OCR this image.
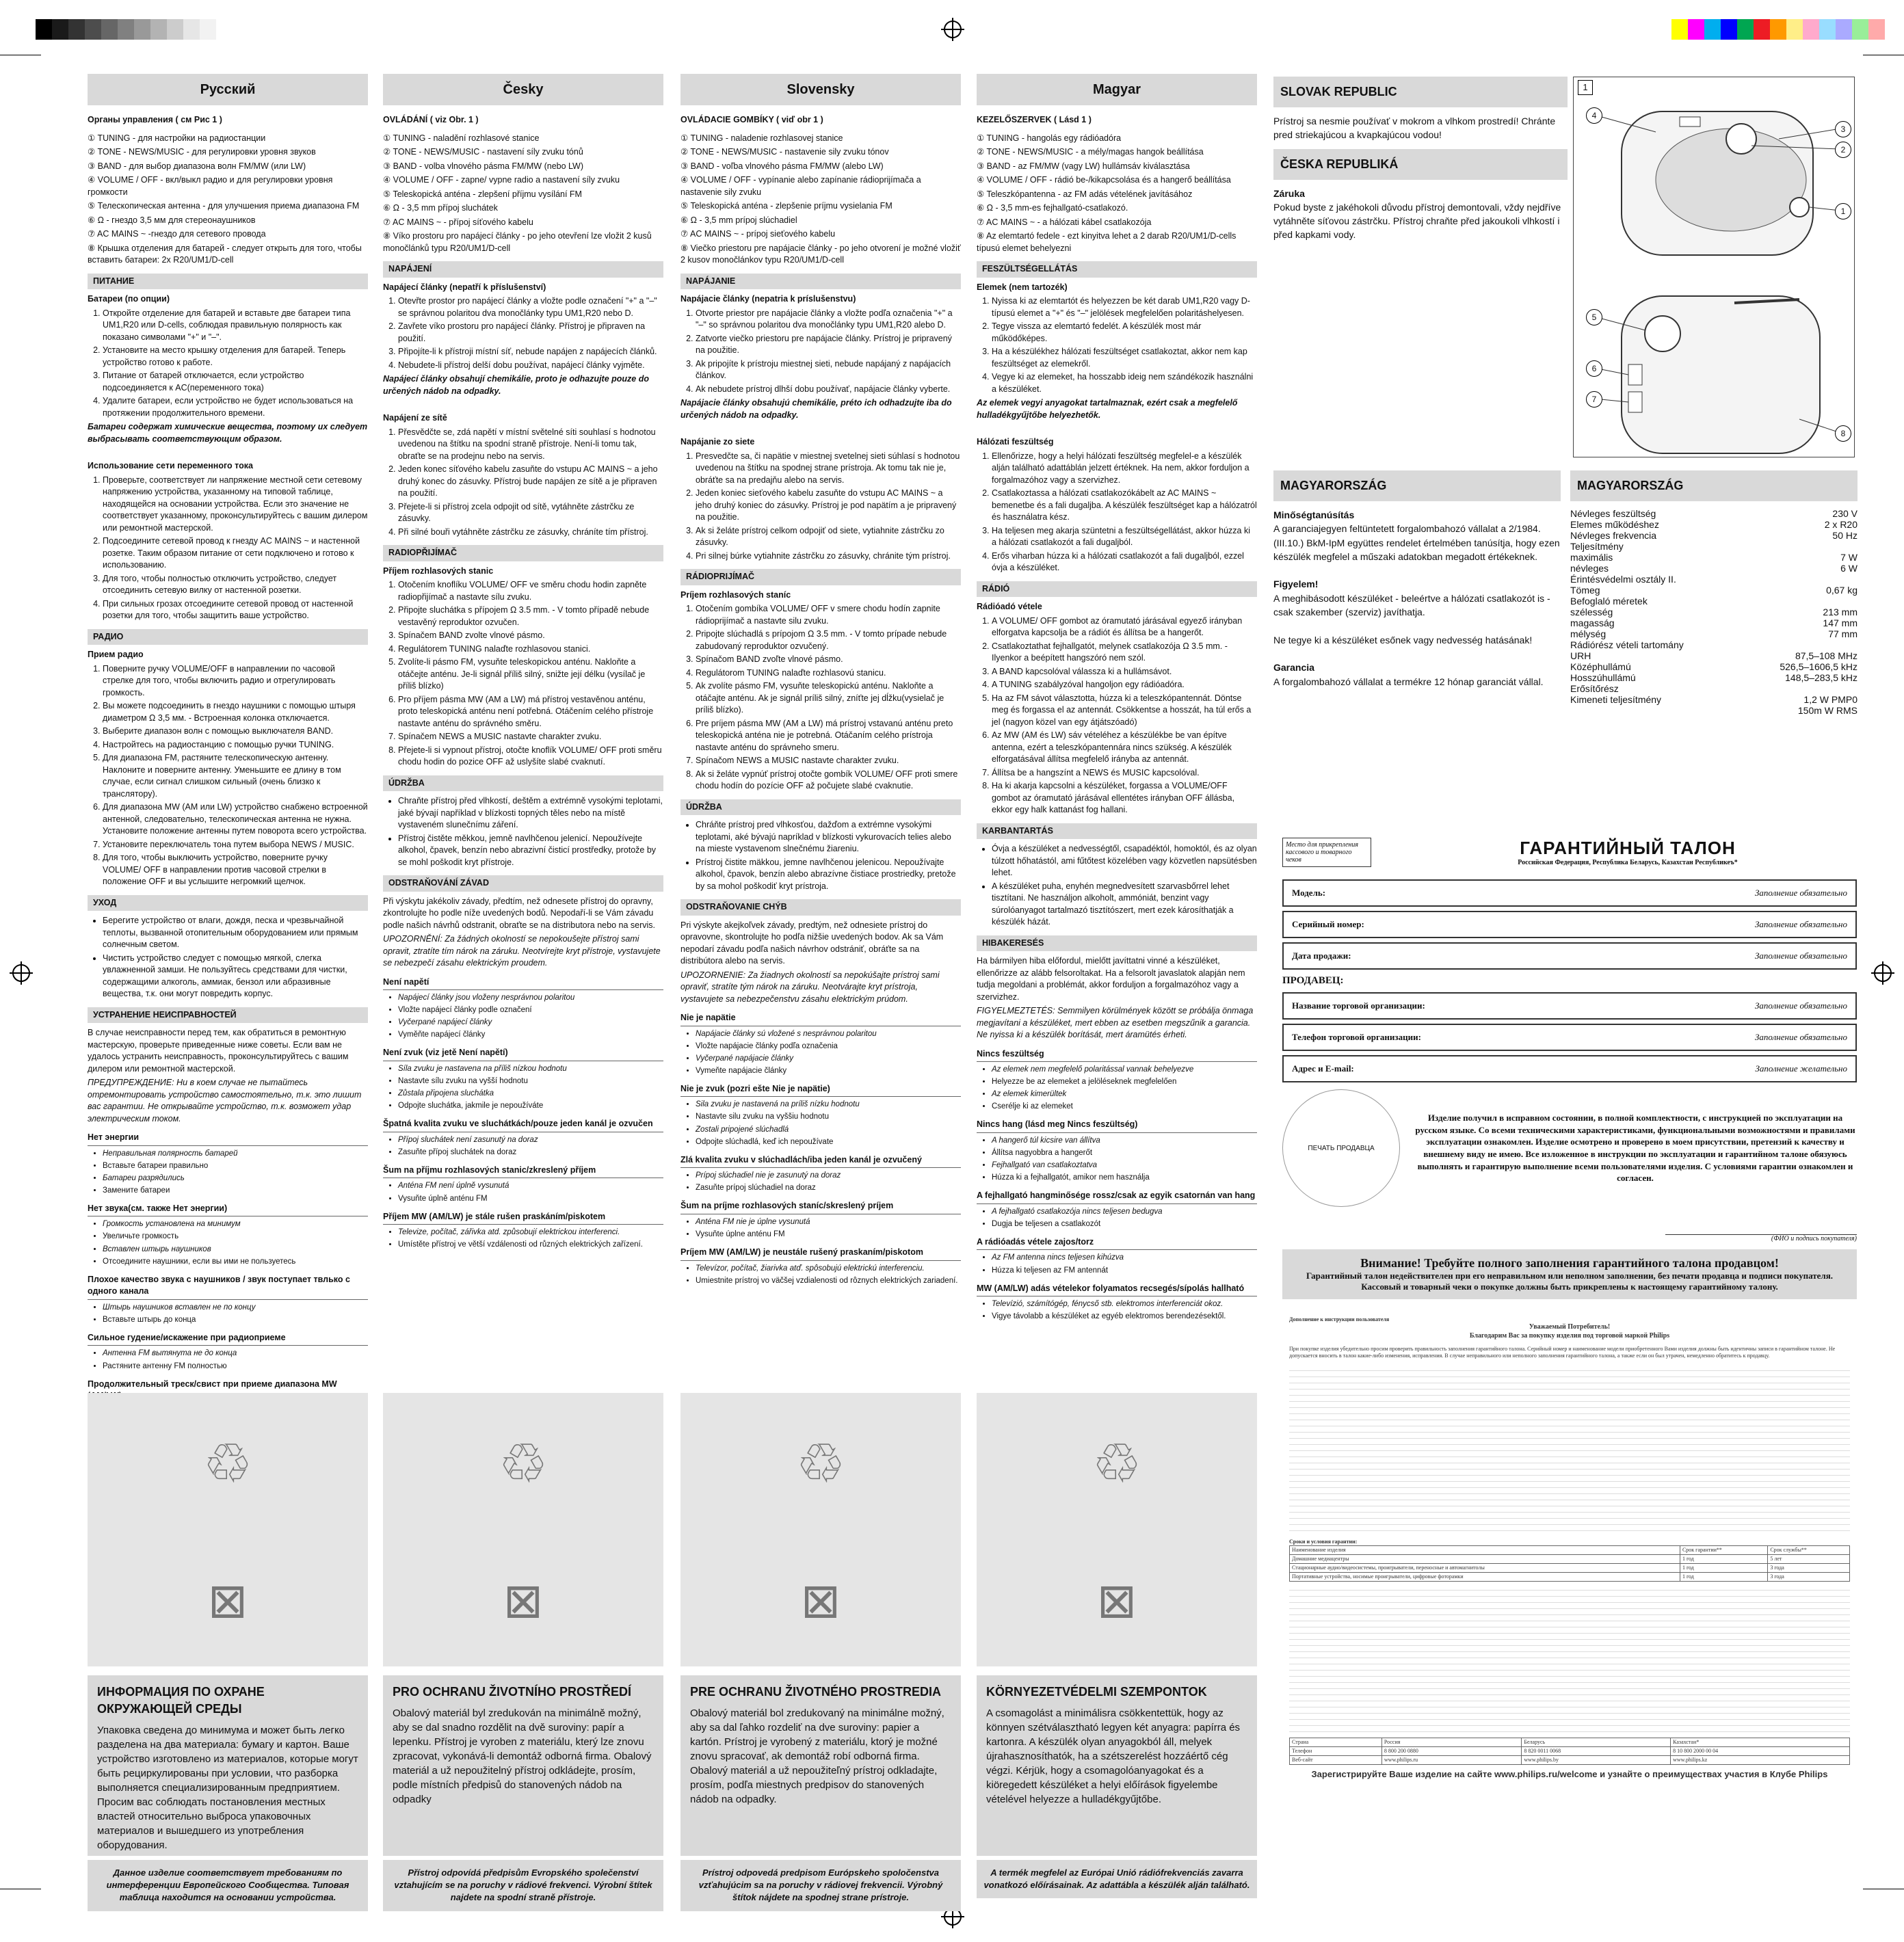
Русский
Органы управления ( см Рис 1 )

① TUNING - для настройки на радиостанции

② TONE - NEWS/MUSIC - для регулировки уровня звуков

③ BAND - для выбор диапазона волн FM/MW (или LW)

④ VOLUME / OFF - вкл/выкл радио и для регулировки уровня громкости

⑤ Телескопическая антенна - для улучшения приема диапазона FM

⑥ Ω - гнездо 3,5 мм для стереонаушников

⑦ AC MAINS ~ -гнездо для сетевого провода

⑧ Крышка отделения для батарей - следует открыть для того, чтобы вставить батареи: 2x R20/UM1/D-cell

ПИТАНИЕ
Батареи (по опции)
1. Откройте отделение для батарей и вставьте две батареи типа UM1,R20 или D-cells, соблюдая правильную полярность как показано символами "+" и "–".
2. Установите на место крышку отделения для батарей. Теперь устройство готово к работе.
3. Питание от батарей отключается, если устройство подсоединяется к AC(переменного тока)
4. Удалите батареи, если устройство не будет использоваться на протяжении продолжительного времени.

Батареи содержат химические вещества, поэтому их следует выбрасывать соответствующим образом.

Использование сети переменного тока
1. Проверьте, соответствует ли напряжение местной сети сетевому напряжению устройства, указанному на типовой таблице, находящейся на основании устройства. Если это значение не соответствует указанному, проконсультируйтесь с вашим дилером или ремонтной мастерской.
2. Подсоедините сетевой провод к гнезду AC MAINS ~ и настенной розетке. Таким образом питание от сети подключено и готово к использованию.
3. Для того, чтобы полностью отключить устройство, следует отсоединить сетевую вилку от настенной розетки.
4. При сильных грозах отсоедините сетевой провод от настенной розетки для того, чтобы защитить ваше устройство.
РАДИО
Прием радио
1. Поверните ручку VOLUME/OFF в направлении по часовой стрелке для того, чтобы включить радио и отрегулировать громкость.
2. Вы можете подсоединить в гнездо наушники с помощью штыря диаметром Ω 3,5 мм. - Встроенная колонка отключается.
3. Выберите диапазон волн с помощью выключателя BAND.
4. Настройтесь на радиостанцию с помощью ручки TUNING.
5. Для диапазона FM, растяните телескопическую антенну. Наклоните и поверните антенну. Уменьшите ее длину в том случае, если сигнал слишком сильный (очень близко к транслятору).
6. Для диапазона MW (AM или LW) устройство снабжено встроенной антенной, следовательно, телескопическая антенна не нужна. Установите положение антенны путем поворота всего устройства.
7. Установите переключатель тона путем выбора NEWS / MUSIC.
8. Для того, чтобы выключить устройство, поверните ручку VOLUME/ OFF в направлении против часовой стрелки в положение OFF и вы услышите негромкий щелчок.
УХОД
• Берегите устройство от влаги, дождя, песка и чрезвычайной теплоты, вызванной отопительным оборудованием или прямым солнечным светом.
• Чистить устройство следует с помощью мягкой, слегка увлажненной замши. Не пользуйтесь средствами для чистки, содержащими алкоголь, аммиак, бензол или абразивные вещества, т.к. они могут повредить корпус.
УСТРАНЕНИЕ НЕИСПРАВНОСТЕЙ

В случае неисправности перед тем, как обратиться в ремонтную мастерскую, проверьте приведенные ниже советы. Если вам не удалось устранить неисправность, проконсультируйтесь с вашим дилером или ремонтной мастерской.

ПРЕДУПРЕЖДЕНИЕ: Ни в коем случае не пытайтесь отремонтировать устройство самостоятельно, т.к. это лишит вас гарантии. Не открывайте устройство, т.к. возможет удар электрическим током.

Нет энергии
• Неправильная полярность батарей
• Вставьте батареи правильно
• Батареи разрядились
• Замените батареи
Нет звука(см. также Нет энергии)
• Громкость установлена на минимум
• Увеличьте громкость
• Вставлен штырь наушников
• Отсоедините наушники, если вы ими не пользуетесь
Плохое качество звука с наушников / звук поступает твлько с одного канала
• Штырь наушников вставлен не по концу
• Вставьте штырь до конца
Сильное гудение/искажение при радиоприеме
• Антенна FM вытянута не до конца
• Растяните антенну FM полностью
Продолжительный треск/свист при приеме диапазона MW
•
•
♲
⊠
ИНФОРМАЦИЯ ПО ОХРАНЕ ОКРУЖАЮЩЕЙ СРЕДЫ
Упаковка сведена до минимума и может быть легко разделена на два материала: бумагу и картон. Ваше устройство изготовлено из материалов, которые могут быть рециркулированы при условии, что разборка выполняется специализированным предприятием. Просим вас соблюдать постановления местных властей относительно выброса упаковочных материалов и вышедшего из употребления оборудования.
Данное изделие соответствует требованиям по интерференции Европейского Сообщества. Типовая таблица находится на основании устройства.
Česky
OVLÁDÁNÍ ( viz Obr. 1 )

① TUNING - naladění rozhlasové stanice

② TONE - NEWS/MUSIC - nastavení síly zvuku tónů

③ BAND - volba vlnového pásma FM/MW (nebo LW)

④ VOLUME / OFF - zapne/ vypne radio a nastavení síly zvuku

⑤ Teleskopická anténa - zlepšení příjmu vysílání FM

⑥ Ω - 3,5 mm přípoj sluchátek

⑦ AC MAINS ~ - přípoj síťového kabelu

⑧ Víko prostoru pro napájecí články - po jeho otevření lze vložit 2 kusů monočlánků typu R20/UM1/D-cell

NAPÁJENÍ
Napájecí články (nepatří k příslušenství)
1. Otevřte prostor pro napájecí články a vložte podle označení "+" a "–" se správnou polaritou dva monočlánky typu UM1,R20 nebo D.
2. Zavřete víko prostoru pro napájecí články. Přístroj je připraven na použití.
3. Připojíte-li k přístroji místní síť, nebude napájen z napájecích článků.
4. Nebudete-li přístroj delší dobu používat, napájecí články vyjměte.

Napájecí články obsahují chemikálie, proto je odhazujte pouze do určených nádob na odpadky.

Napájení ze sítě
1. Přesvědčte se, zdá napětí v místní světelné síti souhlasí s hodnotou uvedenou na štítku na spodní straně přístroje. Není-li tomu tak, obraťte se na prodejnu nebo na servis.
2. Jeden konec síťového kabelu zasuňte do vstupu AC MAINS ~ a jeho druhý konec do zásuvky. Přístroj bude napájen ze sítě a je připraven na použití.
3. Přejete-li si přístroj zcela odpojit od sítě, vytáhněte zástrčku ze zásuvky.
4. Při silné bouři vytáhněte zástrčku ze zásuvky, chráníte tím přístroj.
RADIOPŘIJÍMAČ
Příjem rozhlasových stanic
1. Otočením knoflíku VOLUME/ OFF ve směru chodu hodin zapněte radiopřijímač a nastavte sílu zvuku.
2. Připojte sluchátka s přípojem Ω 3.5 mm. - V tomto případě nebude vestavěný reproduktor ozvučen.
3. Spínačem BAND zvolte vlnové pásmo.
4. Regulátorem TUNING nalaďte rozhlasovou stanici.
5. Zvolíte-li pásmo FM, vysuňte teleskopickou anténu. Nakloňte a otáčejte anténu. Je-li signál příliš silný, snižte její délku (vysílač je příliš blízko)
6. Pro příjem pásma MW (AM a LW) má přístroj vestavěnou anténu, proto teleskopická anténu není potřebná. Otáčením celého přístroje nastavte anténu do správného směru.
7. Spínačem NEWS a MUSIC nastavte charakter zvuku.
8. Přejete-li si vypnout přístroj, otočte knoflík VOLUME/ OFF proti směru chodu hodin do pozice OFF až uslyšíte slabé cvaknutí.
ÚDRŽBA
• Chraňte přístroj před vlhkostí, deštěm a extrémně vysokými teplotami, jaké bývají například v blízkosti topných těles nebo na místě vystaveném slunečnímu záření.
• Přístroj čistěte měkkou, jemně navlhčenou jelenicí. Nepoužívejte alkohol, čpavek, benzín nebo abrazivní čisticí prostředky, protože by se mohl poškodit kryt přístroje.
ODSTRAŇOVÁNÍ ZÁVAD

Při výskytu jakékoliv závady, předtím, než odnesete přístroj do opravny, zkontrolujte ho podle níže uvedených bodů. Nepodaří-li se Vám závadu podle našich návrhů odstranit, obraťte se na distributora nebo na servis.

UPOZORNĚNÍ: Za žádných okolností se nepokoušejte přístroj sami opravit, ztratíte tím nárok na záruku. Neotvírejte kryt přístroje, vystavujete se nebezpečí zásahu elektrickým proudem.

Není napětí
• Napájecí články jsou vloženy nesprávnou polaritou
• Vložte napájecí články podle označení
• Vyčerpané napájecí články
• Vyměňte napájecí články
Není zvuk (viz jetě Není napětí)
• Síla zvuku je nastavena na příliš nízkou hodnotu
• Nastavte sílu zvuku na vyšší hodnotu
• Zůstala připojena sluchátka
• Odpojte sluchátka, jakmile je nepoužíváte
Špatná kvalita zvuku ve sluchátkách/pouze jeden kanál je ozvučen
• Přípoj sluchátek není zasunutý na doraz
• Zasuňte přípoj sluchátek na doraz
Šum na příjmu rozhlasových stanic/zkreslený příjem
• Anténa FM není úplně vysunutá
• Vysuňte úplně anténu FM
Příjem MW (AM/LW) je stále rušen praskáním/piskotem
• Televize, počítač, zářivka atd. způsobují elektrickou interferenci.
• Umístěte přístroj ve větší vzdálenosti od různých elektrických zařízení.
♲
⊠
PRO OCHRANU ŽIVOTNÍHO PROSTŘEDÍ
Obalový materiál byl zredukován na minimálně možný, aby se dal snadno rozdělit na dvě suroviny: papír a lepenku. Přístroj je vyroben z materiálu, který lze znovu zpracovat, vykonává-li demontáž odborná firma. Obalový materiál a už nepoužitelný přístroj odkládejte, prosím, podle místních předpisů do stanovených nádob na odpadky
Přístroj odpovídá předpisům Evropského společenství vztahujícím se na poruchy v rádiové frekvenci. Výrobní štítek najdete na spodní straně přístroje.
Slovensky
OVLÁDACIE GOMBÍKY ( viď obr 1 )

① TUNING - naladenie rozhlasovej stanice

② TONE - NEWS/MUSIC - nastavenie sily zvuku tónov

③ BAND - voľba vlnového pásma FM/MW (alebo LW)

④ VOLUME / OFF - vypínanie alebo zapínanie rádioprijímača a nastavenie sily zvuku

⑤ Teleskopická anténa - zlepšenie príjmu vysielania FM

⑥ Ω - 3,5 mm prípoj slúchadiel

⑦ AC MAINS ~ - prípoj sieťového kabelu

⑧ Viečko priestoru pre napájacie články - po jeho otvorení je možné vložiť 2 kusov monočlánkov typu R20/UM1/D-cell

NAPÁJANIE
Napájacie články (nepatria k príslušenstvu)
1. Otvorte priestor pre napájacie články a vložte podľa označenia "+" a "–" so správnou polaritou dva monočlánky typu UM1,R20 alebo D.
2. Zatvorte viečko priestoru pre napájacie články. Prístroj je pripravený na použitie.
3. Ak pripojíte k prístroju miestnej sieti, nebude napájaný z napájacích článkov.
4. Ak nebudete prístroj dlhší dobu používať, napájacie články vyberte.

Napájacie články obsahujú chemikálie, préto ich odhadzujte iba do určených nádob na odpadky.

Napájanie zo siete
1. Presvedčte sa, či napätie v miestnej svetelnej sieti súhlasí s hodnotou uvedenou na štítku na spodnej strane prístroja. Ak tomu tak nie je, obráťte sa na predajňu alebo na servis.
2. Jeden koniec sieťového kabelu zasuňte do vstupu AC MAINS ~ a jeho druhý koniec do zásuvky. Prístroj je pod napätím a je pripravený na použitie.
3. Ak si želáte prístroj celkom odpojiť od siete, vytiahnite zástrčku zo zásuvky.
4. Pri silnej búrke vytiahnite zástrčku zo zásuvky, chránite tým prístroj.
RÁDIOPRIJÍMAČ
Príjem rozhlasových staníc
1. Otočením gombíka VOLUME/ OFF v smere chodu hodín zapnite rádioprijímač a nastavte silu zvuku.
2. Pripojte slúchadlá s prípojom Ω 3.5 mm. - V tomto prípade nebude zabudovaný reproduktor ozvučený.
3. Spínačom BAND zvoľte vlnové pásmo.
4. Regulátorom TUNING nalaďte rozhlasovú stanicu.
5. Ak zvolíte pásmo FM, vysuňte teleskopickú anténu. Nakloňte a otáčajte anténu. Ak je signál príliš silný, zníťte jej dĺžku(vysielač je príliš blízko).
6. Pre príjem pásma MW (AM a LW) má prístroj vstavanú anténu preto teleskopická anténa nie je potrebná. Otáčaním celého prístroja nastavte anténu do správneho smeru.
7. Spínačom NEWS a MUSIC nastavte charakter zvuku.
8. Ak si želáte vypnúť prístroj otočte gombík VOLUME/ OFF proti smere chodu hodín do pozície OFF až počujete slabé cvaknutie.
ÚDRŽBA
• Chráňte prístroj pred vlhkosťou, dažďom a extrémne vysokými teplotami, aké bývajú napríklad v blízkosti vykurovacích telies alebo na mieste vystavenom slnečnému žiareniu.
• Prístroj čistite mäkkou, jemne navlhčenou jelenicou. Nepoužívajte alkohol, čpavok, benzín alebo abrazívne čistiace prostriedky, pretože by sa mohol poškodiť kryt prístroja.
ODSTRAŇOVANIE CHÝB

Pri výskyte akejkoľvek závady, predtým, než odnesiete prístroj do opravovne, skontrolujte ho podľa nižšie uvedených bodov. Ak sa Vám nepodarí závadu podľa našich návrhov odstrániť, obráťte sa na distribútora alebo na servis.

UPOZORNENIE: Za žiadnych okolností sa nepokúšajte prístroj sami opraviť, stratíte tým nárok na záruku. Neotvárajte kryt prístroja, vystavujete sa nebezpečenstvu zásahu elektrickým prúdom.

Nie je napätie
• Napájacie články sú vložené s nesprávnou polaritou
• Vložte napájacie články podľa označenia
• Vyčerpané napájacie články
• Vymeňte napájacie články
Nie je zvuk (pozri ešte Nie je napätie)
• Sila zvuku je nastavená na príliš nízku hodnotu
• Nastavte silu zvuku na vyššiu hodnotu
• Zostali pripojené slúchadlá
• Odpojte slúchadlá, keď ich nepoužívate
Zlá kvalita zvuku v slúchadlách/iba jeden kanál je ozvučený
• Prípoj slúchadiel nie je zasunutý na doraz
• Zasuňte prípoj slúchadiel na doraz
Šum na príjme rozhlasových staníc/skreslený príjem
• Anténa FM nie je úplne vysunutá
• Vysuňte úplne anténu FM
Príjem MW (AM/LW) je neustále rušený praskaním/piskotom
• Televízor, počítač, žiarivka atď. spôsobujú elektrickú interferenciu.
• Umiestnite prístroj vo väčšej vzdialenosti od rôznych elektrických zariadení.
♲
⊠
PRE OCHRANU ŽIVOTNÉHO PROSTREDIA
Obalový materiál bol zredukovaný na minimálne možný, aby sa dal ľahko rozdeliť na dve suroviny: papier a kartón. Prístroj je vyrobený z materiálu, ktorý je možné znovu spracovať, ak demontáž robí odborná firma. Obalový materiál a už nepoužiteľný prístroj odkladajte, prosím, podľa miestnych predpisov do stanovených nádob na odpadky.
Prístroj odpovedá predpisom Európskeho spoločenstva vzťahujúcim sa na poruchy v rádiovej frekvencii. Výrobný štítok nájdete na spodnej strane prístroje.
Magyar
KEZELŐSZERVEK ( Lásd 1 )

① TUNING - hangolás egy rádióadóra

② TONE - NEWS/MUSIC - a mély/magas hangok beállítása

③ BAND - az FM/MW (vagy LW) hullámsáv kiválasztása

④ VOLUME / OFF - rádió be-/kikapcsolása és a hangerő beállítása

⑤ Teleszkópantenna - az FM adás vételének javításához

⑥ Ω - 3,5 mm-es fejhallgató-csatlakozó.

⑦ AC MAINS ~ - a hálózati kábel csatlakozója

⑧ Az elemtartó fedele - ezt kinyitva lehet a 2 darab R20/UM1/D-cells típusú elemet behelyezni

FESZÜLTSÉGELLÁTÁS
Elemek (nem tartozék)
1. Nyissa ki az elemtartót és helyezzen be két darab UM1,R20 vagy D-típusú elemet a "+" és "–" jelölések megfelelően polaritáshelyesen.
2. Tegye vissza az elemtartó fedelét. A készülék most már működőképes.
3. Ha a készülékhez hálózati feszültséget csatlakoztat, akkor nem kap feszültséget az elemekről.
4. Vegye ki az elemeket, ha hosszabb ideig nem szándékozik használni a készüléket.

Az elemek vegyi anyagokat tartalmaznak, ezért csak a megfelelő hulladékgyűjtőbe helyezhetők.

Hálózati feszültség
1. Ellenőrizze, hogy a helyi hálózati feszültség megfelel-e a készülék alján található adattáblán jelzett értéknek. Ha nem, akkor forduljon a forgalmazóhoz vagy a szervizhez.
2. Csatlakoztassa a hálózati csatlakozókábelt az AC MAINS ~ bemenetbe és a fali dugaljba. A készülék feszültséget kap a hálózatról és használatra kész.
3. Ha teljesen meg akarja szüntetni a feszültségellátást, akkor húzza ki a hálózati csatlakozót a fali dugaljból.
4. Erős viharban húzza ki a hálózati csatlakozót a fali dugaljból, ezzel óvja a készüléket.
RÁDIÓ
Rádióadó vétele
1. A VOLUME/ OFF gombot az óramutató járásával egyező irányban elforgatva kapcsolja be a rádiót és állítsa be a hangerőt.
2. Csatlakoztathat fejhallgatót, melynek csatlakozója Ω 3.5 mm. - Ilyenkor a beépített hangszóró nem szól.
3. A BAND kapcsolóval válassza ki a hullámsávot.
4. A TUNING szabályzóval hangoljon egy rádióadóra.
5. Ha az FM sávot választotta, húzza ki a teleszkópantennát. Döntse meg és forgassa el az antennát. Csökkentse a hosszát, ha túl erős a jel (nagyon közel van egy átjátszóadó)
6. Az MW (AM és LW) sáv vételéhez a készülékbe be van építve antenna, ezért a teleszkópantennára nincs szükség. A készülék elforgatásával állítsa megfelelő irányba az antennát.
7. Állítsa be a hangszínt a NEWS és MUSIC kapcsolóval.
8. Ha ki akarja kapcsolni a készüléket, forgassa a VOLUME/OFF gombot az óramutató járásával ellentétes irányban OFF állásba, ekkor egy halk kattanást fog hallani.
KARBANTARTÁS
• Óvja a készüléket a nedvességtől, csapadéktól, homoktól, és az olyan túlzott hőhatástól, ami fűtőtest közelében vagy közvetlen napsütésben lehet.
• A készüléket puha, enyhén megnedvesített szarvasbőrrel lehet tisztítani. Ne használjon alkoholt, ammóniát, benzint vagy súrolóanyagot tartalmazó tisztítószert, mert ezek károsíthatják a készülék házát.
HIBAKERESÉS

Ha bármilyen hiba előfordul, mielőtt javíttatni vinné a készüléket, ellenőrizze az alább felsoroltakat. Ha a felsorolt javaslatok alapján nem tudja megoldani a problémát, akkor forduljon a forgalmazóhoz vagy a szervizhez.

FIGYELMEZTETÉS: Semmilyen körülmények között se próbálja önmaga megjavítani a készüléket, mert ebben az esetben megszűnik a garancia. Ne nyissa ki a készülék borítását, mert áramütés érheti.

Nincs feszültség
• Az elemek nem megfelelő polaritással vannak behelyezve
• Helyezze be az elemeket a jelöléseknek megfelelően
• Az elemek kimerültek
• Cserélje ki az elemeket
Nincs hang (lásd meg Nincs feszültség)
• A hangerő túl kicsire van állítva
• Állítsa nagyobbra a hangerőt
• Fejhallgató van csatlakoztatva
• Húzza ki a fejhallgatót, amikor nem használja
A fejhallgató hangminősége rossz/csak az egyik csatornán van hang
• A fejhallgató csatlakozója nincs teljesen bedugva
• Dugja be teljesen a csatlakozót
A rádióadás vétele zajos/torz
• Az FM antenna nincs teljesen kihúzva
• Húzza ki teljesen az FM antennát
MW (AM/LW) adás vételekor folyamatos recsegés/sípolás hallható
• Televízió, számítógép, fénycső stb. elektromos interferenciát okoz.
• Vigye távolabb a készüléket az egyéb elektromos berendezésektől.
♲
⊠
KÖRNYEZETVÉDELMI SZEMPONTOK
A csomagolást a minimálisra csökkentettük, hogy az könnyen szétválasztható legyen két anyagra: papírra és kartonra. A készülék olyan anyagokból áll, melyek újrahasznosíthatók, ha a szétszerelést hozzáértő cég végzi. Kérjük, hogy a csomagolóanyagokat és a kiöregedett készüléket a helyi előírások figyelembe vételével helyezze a hulladékgyűjtőbe.
A termék megfelel az Európai Unió rádiófrekvenciás zavarra vonatkozó előírásainak. Az adattábla a készülék alján található.
SLOVAK REPUBLIC
Prístroj sa nesmie používať v mokrom a vlhkom prostredí! Chránte pred striekajúcou a kvapkajúcou vodou!
ČESKA REPUBLIKÁ
Záruka
Pokud byste z jakéhokoli důvodu přístroj demontovali, vždy nejdříve vytáhněte síťovou zástrčku. Přístroj chraňte před jakoukoli vlhkostí i před kapkami vody.
1
4
3
2
1
5
6
7
8
MAGYARORSZÁG
Minőségtanúsítás
A garanciajegyen feltüntetett forgalombahozó vállalat a 2/1984. (III.10.) BkM-IpM együttes rendelet értelmében tanúsítja, hogy ezen készülék megfelel a műszaki adatokban megadott értékeknek.

Figyelem!
A meghibásodott készüléket - beleértve a hálózati csatlakozót is - csak szakember (szerviz) javíthatja.

Ne tegye ki a készüléket esőnek vagy nedvesség hatásának!

Garancia
A forgalombahozó vállalat a termékre 12 hónap garanciát vállal.
MAGYARORSZÁG
Névleges feszültség	230 V
Elemes működéshez	2 x R20
Névleges frekvencia	50 Hz
Teljesítmény
maximális	7 W
névleges	6 W
Érintésvédelmi osztály II.
Tömeg	0,67 kg
Befoglaló méretek
szélesség	213 mm
magasság	147 mm
mélység	77 mm
Rádiórész vételi tartomány
URH	87,5–108 MHz
Középhullámú	526,5–1606,5 kHz
Hosszúhullámú	148,5–283,5 kHz
Erősítőrész
Kimeneti teljesítmény	1,2 W PMP0
150m W RMS
Место для прикрепления кассового и товарного чеков
ГАРАНТИЙНЫЙ ТАЛОН
Российская Федерация, Республика Беларусь, Казахстан Республикеъ*
Модель:	Заполнение обязательно
Серийный номер:	Заполнение обязательно
Дата продажи:	Заполнение обязательно
ПРОДАВЕЦ:
Название торговой организации:	Заполнение обязательно
Телефон торговой организации:	Заполнение обязательно
Адрес и E-mail:	Заполнение желательно
ПЕЧАТЬ ПРОДАВЦА
Изделие получил в исправном состоянии, в полной комплектности, с инструкцией по эксплуатации на русском языке. Со всеми техническими характеристиками, функциональными возможностями и правилами эксплуатации ознакомлен. Изделие осмотрено и проверено в моем присутствии, претензий к качеству и внешнему виду не имею. Все изложенное в инструкции по эксплуатации и гарантийном талоне обязуюсь выполнять и гарантирую выполнение всеми пользователями изделия. С условиями гарантии ознакомлен и согласен.
(ФИО и подпись покупателя)
Внимание! Требуйте полного заполнения гарантийного талона продавцом!
Гарантийный талон недействителен при его неправильном или неполном заполнении, без печати продавца и подписи покупателя. Кассовый и товарный чеки о покупке должны быть прикреплены к настоящему гарантийному талону.
Дополнение к инструкции пользователя
Уважаемый Потребитель!
Благодарим Вас за покупку изделия под торговой маркой Philips

При покупке изделия убедительно просим проверить правильность заполнения гарантийного талона. Серийный номер и наименование модели приобретенного Вами изделия должны быть идентичны записи в гарантийном талоне. Не допускается вносить в талон какие-либо изменения, исправления. В случае неправильного или неполного заполнения гарантийного талона, а также если он был утрачен, немедленно обратитесь к продавцу.

Сроки и условия гарантии:
Наименование изделия	Срок гарантии**	Срок службы**
Домашние медиацентры	1 год	5 лет
Стационарные аудио/видеосистемы, проигрыватели, переносные и автомагнитолы	1 год	3 года
Портативные устройства, носимые проигрыватели, цифровые фоторамки	1 год	3 года
Страна	Россия	Беларусь	Казахстан*
Телефон	8 800 200 0880	8 820 0011 0068	8 10 800 2000 00 04
Веб-сайт	www.philips.ru	www.philips.by	www.philips.kz
Зарегистрируйте Ваше изделие на сайте www.philips.ru/welcome и узнайте о преимуществах участия в Клубе Philips
